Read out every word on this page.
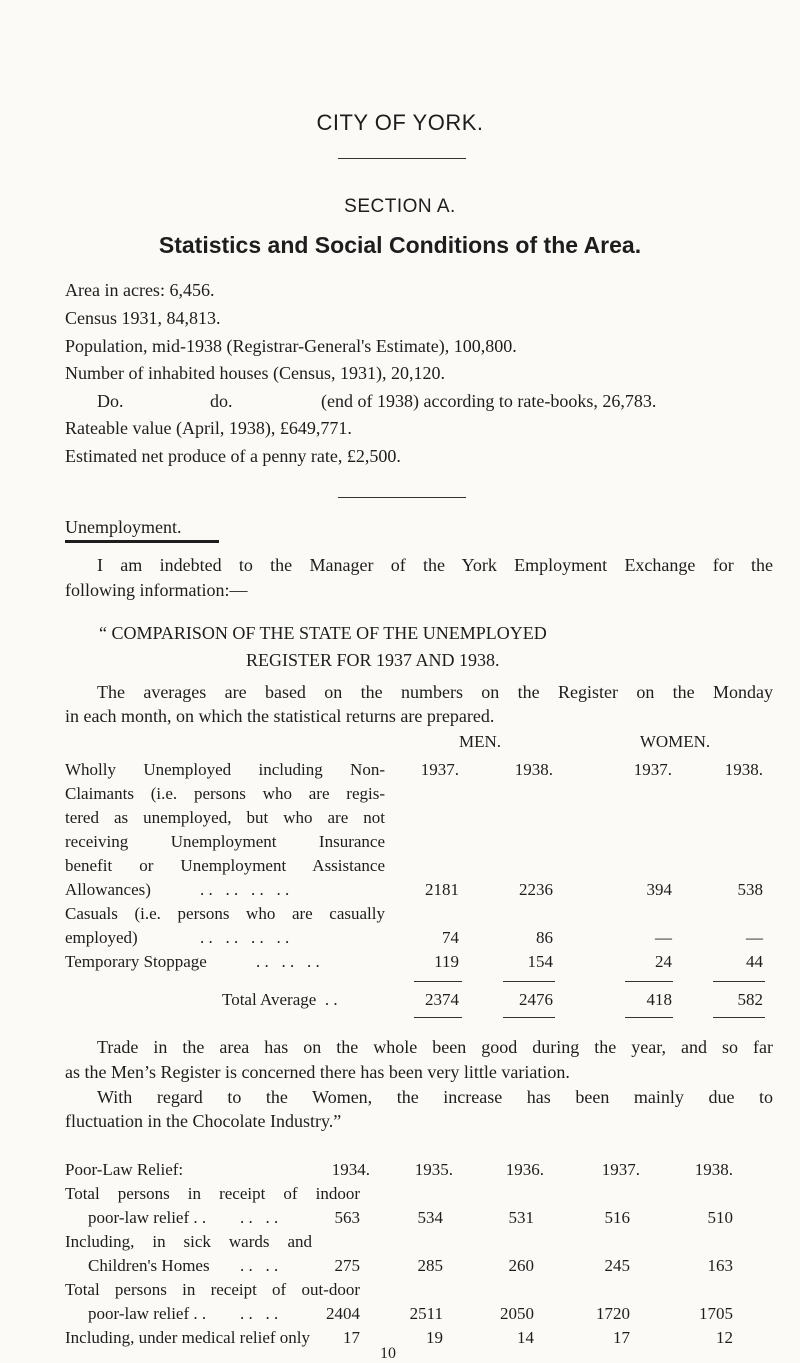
CITY OF YORK.
SECTION A.
Statistics and Social Conditions of the Area.
Area in acres: 6,456.
Census 1931, 84,813.
Population, mid-1938 (Registrar-General's Estimate), 100,800.
Number of inhabited houses (Census, 1931), 20,120.
Do.	do.	(end of 1938) according to rate-books, 26,783.
Rateable value (April, 1938), £649,771.
Estimated net produce of a penny rate, £2,500.
Unemployment.
I am indebted to the Manager of the York Employment Exchange for the
following information:—
“ COMPARISON OF THE STATE OF THE UNEMPLOYED
REGISTER FOR 1937 AND 1938.
The averages are based on the numbers on the Register on the Monday
in each month, on which the statistical returns are prepared.
MEN.	WOMEN.
1937.	1938.	1937.	1938.
Wholly Unemployed including Non-
Claimants (i.e. persons who are regis-
tered as unemployed, but who are not
receiving Unemployment Insurance
benefit or Unemployment Assistance
Allowances)	. .   . .   . .   . .	2181	2236	394	538
Casuals (i.e. persons who are casually
employed)	. .   . .   . .   . .	74	86	—	—
Temporary Stoppage	. .   . .   . .	119	154	24	44
Total Average  . .	2374	2476	418	582
Trade in the area has on the whole been good during the year, and so far
as the Men’s Register is concerned there has been very little variation.
With regard to the Women, the increase has been mainly due to
fluctuation in the Chocolate Industry.”
Poor-Law Relief:	1934.	1935.	1936.	1937.	1938.
Total persons in receipt of indoor
poor-law relief . . . .   . .	563	534	531	516	510
Including, in sick wards and
Children's Homes . .   . .	275	285	260	245	163
Total persons in receipt of out-door
poor-law relief . . . .   . .	2404	2511	2050	1720	1705
Including, under medical relief only	17	19	14	17	12
10
